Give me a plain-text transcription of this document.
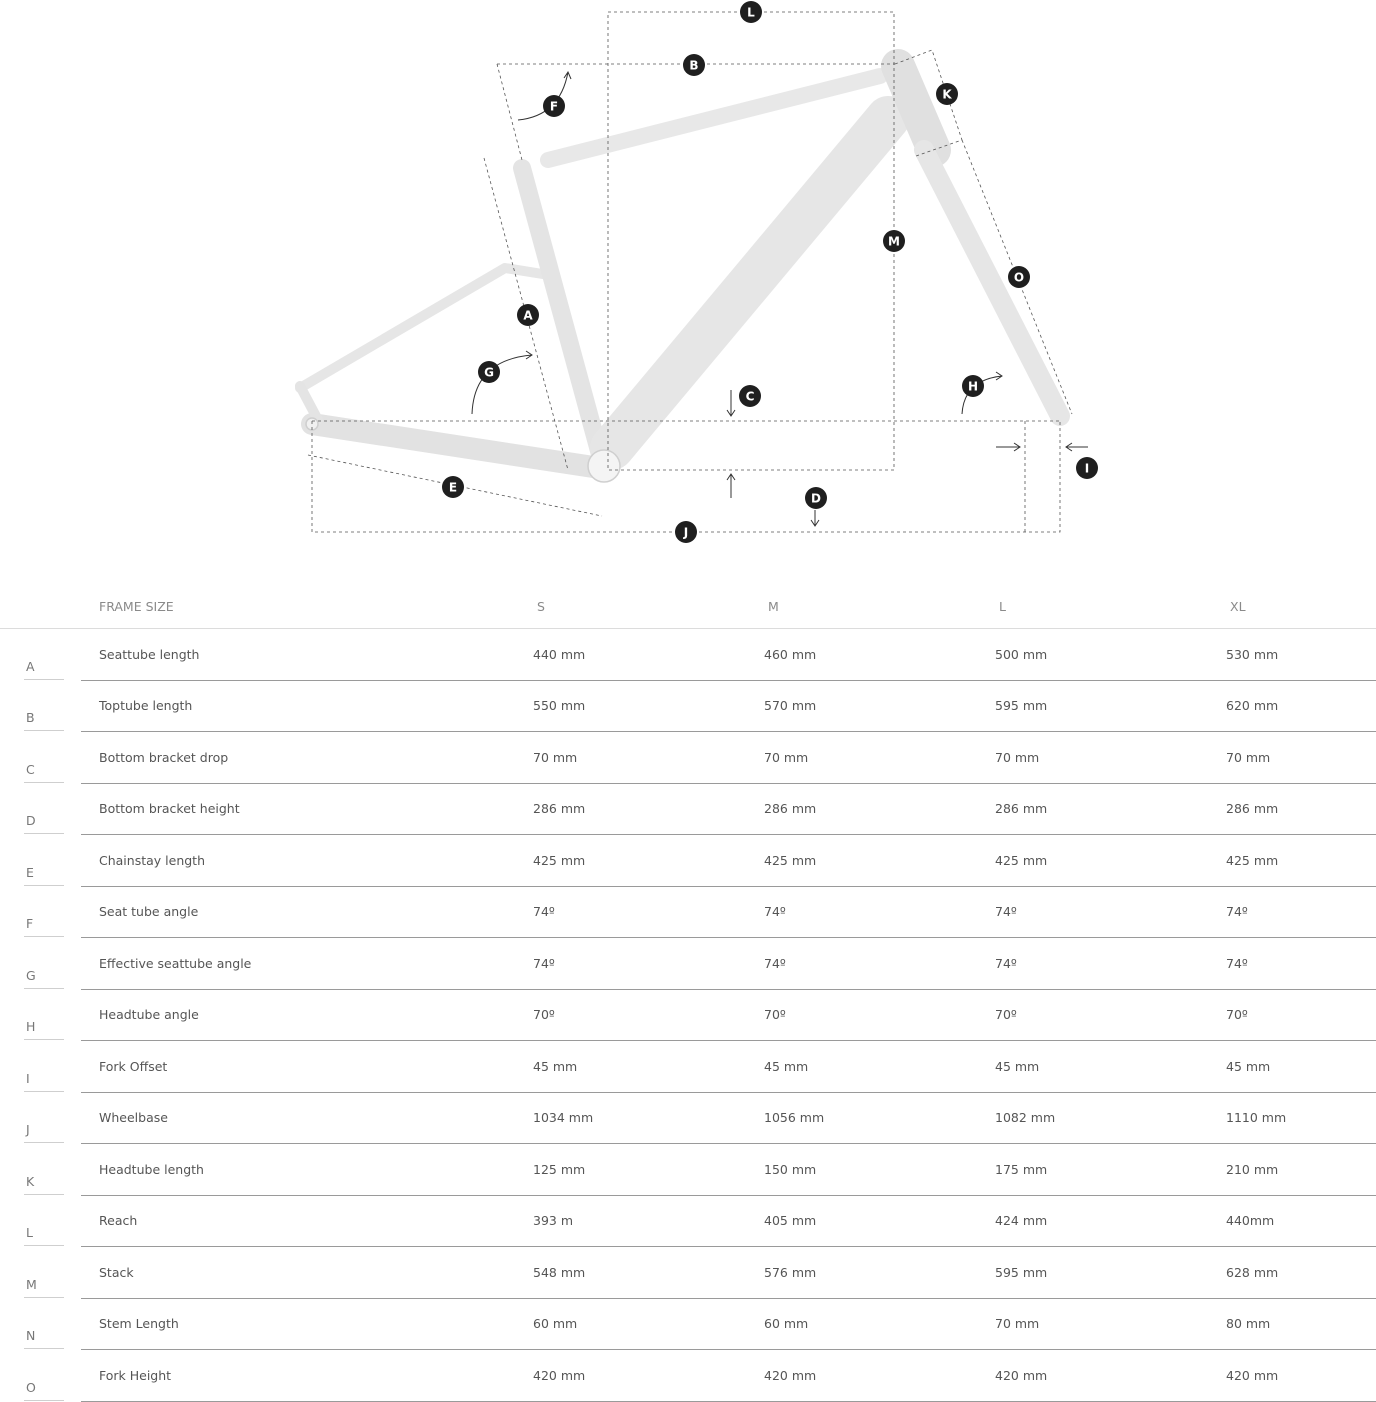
A
B
C
D
E
F
G
H
I
J
K
L
M
O
	FRAME SIZE	S	M	L	XL
A	Seattube length	440 mm	460 mm	500 mm	530 mm
B	Toptube length	550 mm	570 mm	595 mm	620 mm
C	Bottom bracket drop	70 mm	70 mm	70 mm	70 mm
D	Bottom bracket height	286 mm	286 mm	286 mm	286 mm
E	Chainstay length	425 mm	425 mm	425 mm	425 mm
F	Seat tube angle	74º	74º	74º	74º
G	Effective seattube angle	74º	74º	74º	74º
H	Headtube angle	70º	70º	70º	70º
I	Fork Offset	45 mm	45 mm	45 mm	45 mm
J	Wheelbase	1034 mm	1056 mm	1082 mm	1110 mm
K	Headtube length	125 mm	150 mm	175 mm	210 mm
L	Reach	393 m	405 mm	424 mm	440mm
M	Stack	548 mm	576 mm	595 mm	628 mm
N	Stem Length	60 mm	60 mm	70 mm	80 mm
O	Fork Height	420 mm	420 mm	420 mm	420 mm
